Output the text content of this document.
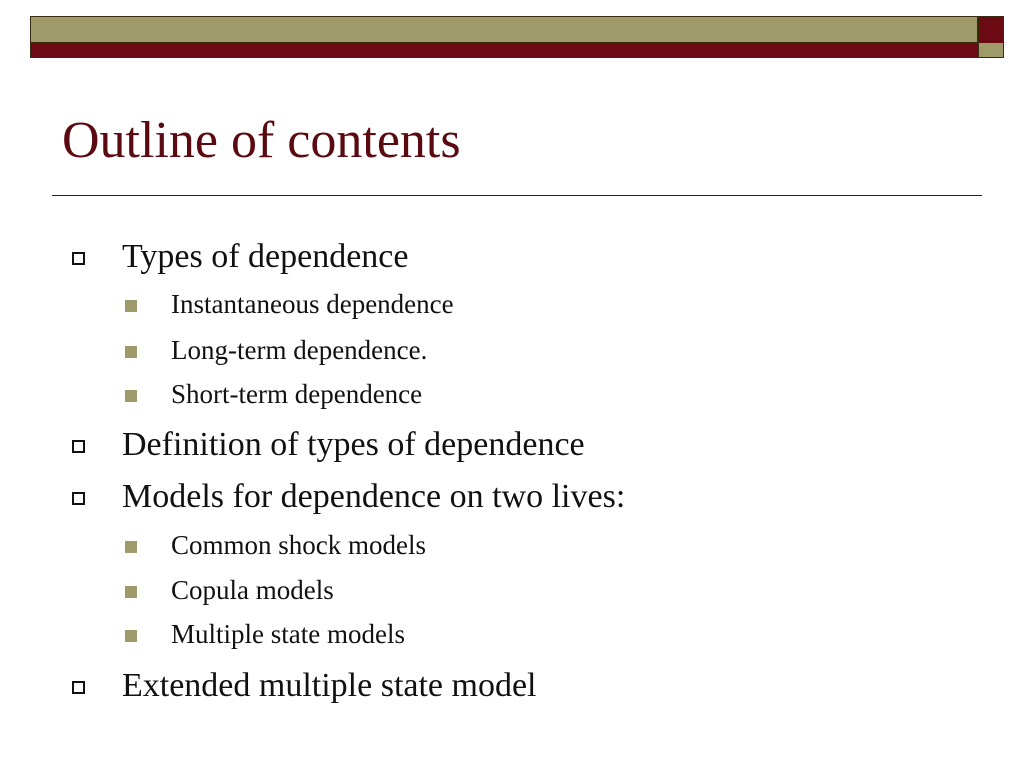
Outline of contents
Types of dependence
Instantaneous dependence
Long-term dependence.
Short-term dependence
Definition of types of dependence
Models for dependence on two lives:
Common shock models
Copula models
Multiple state models
Extended multiple state model
